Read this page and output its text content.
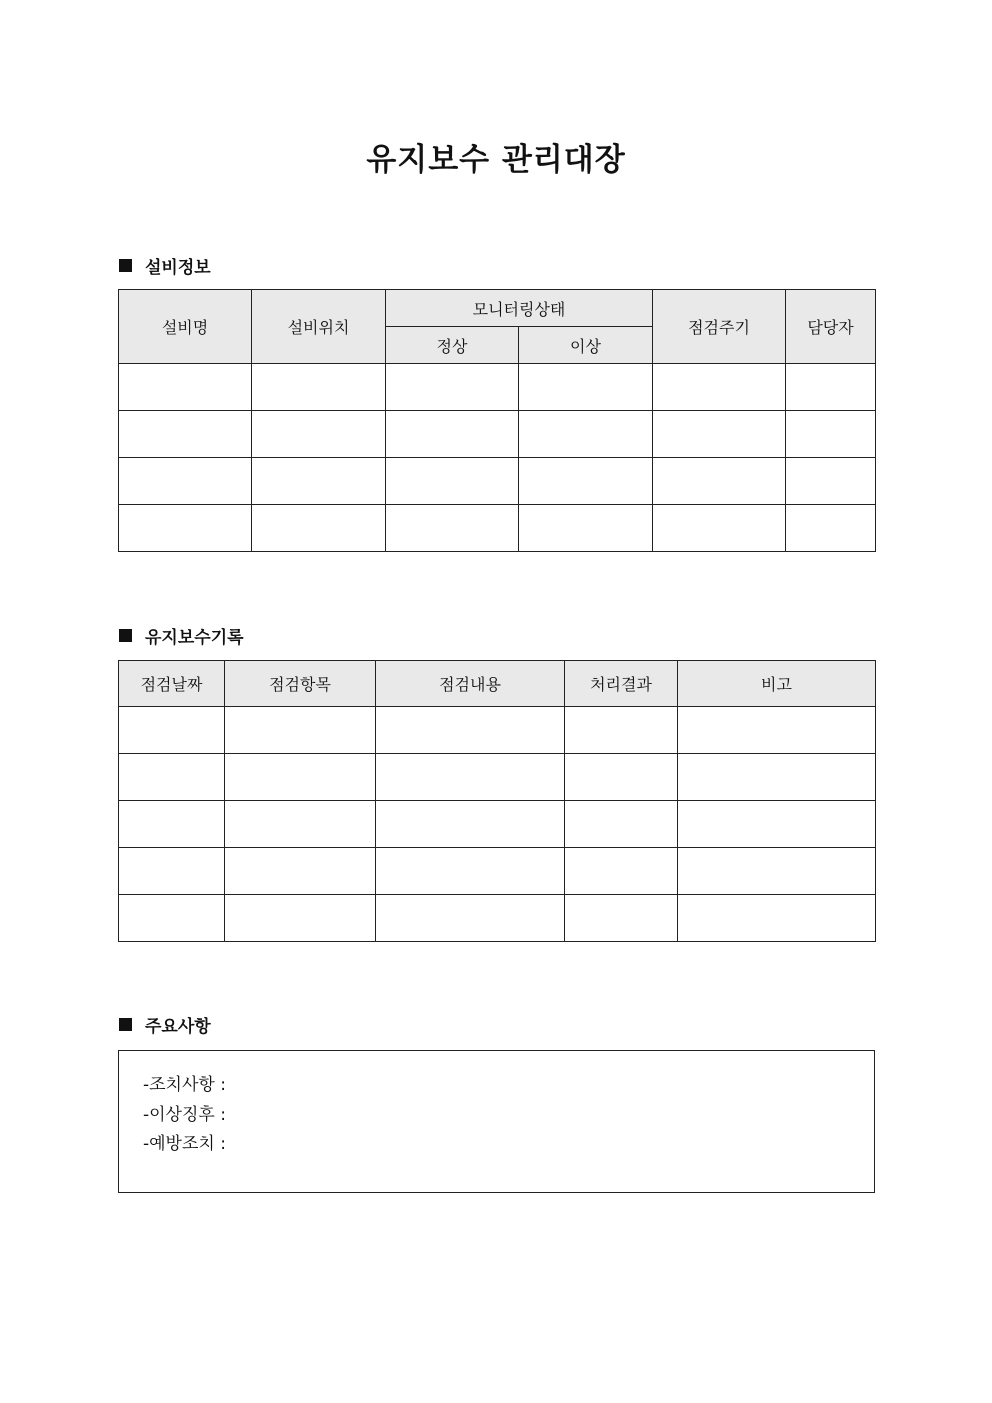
유지보수 관리대장
설비정보
설비명	설비위치	모니터링상태		점검주기	담당자
		정상	이상		

유지보수기록
점검날짜	점검항목	점검내용	처리결과	비고

주요사항
-조치사항 :
-이상징후 :
-예방조치 :
